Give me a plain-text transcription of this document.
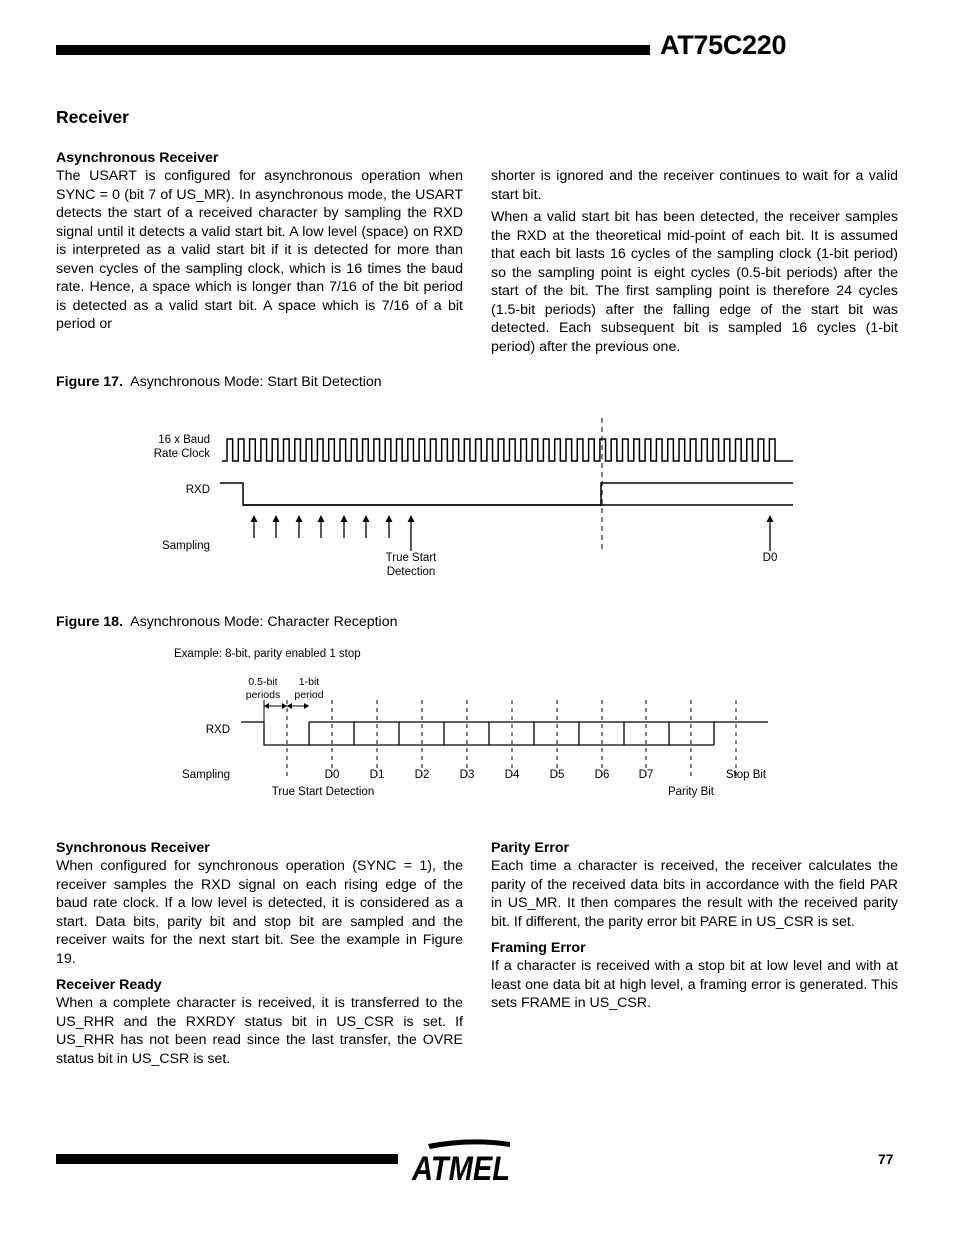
AT75C220
Receiver
Asynchronous Receiver

The USART is configured for asynchronous operation when SYNC = 0 (bit 7 of US_MR). In asynchronous mode, the USART detects the start of a received character by sampling the RXD signal until it detects a valid start bit. A low level (space) on RXD is interpreted as a valid start bit if it is detected for more than seven cycles of the sampling clock, which is 16 times the baud rate. Hence, a space which is longer than 7/16 of the bit period is detected as a valid start bit. A space which is 7/16 of a bit period or

shorter is ignored and the receiver continues to wait for a valid start bit.

When a valid start bit has been detected, the receiver samples the RXD at the theoretical mid-point of each bit. It is assumed that each bit lasts 16 cycles of the sampling clock (1-bit period) so the sampling point is eight cycles (0.5-bit periods) after the start of the bit. The first sampling point is therefore 24 cycles (1.5-bit periods) after the falling edge of the start bit was detected. Each subsequent bit is sampled 16 cycles (1-bit period) after the previous one.

Figure 17. Asynchronous Mode: Start Bit Detection
16 x Baud
Rate Clock
RXD
Sampling
True Start
Detection
D0
Figure 18. Asynchronous Mode: Character Reception
Example: 8-bit, parity enabled 1 stop
0.5-bit
periods
1-bit
period
RXD
Sampling	D0	D1	D2	D3	D4	D5	D6	D7	Stop Bit
True Start Detection	Parity Bit
Synchronous Receiver

When configured for synchronous operation (SYNC = 1), the receiver samples the RXD signal on each rising edge of the baud rate clock. If a low level is detected, it is considered as a start. Data bits, parity bit and stop bit are sampled and the receiver waits for the next start bit. See the example in Figure 19.

Receiver Ready

When a complete character is received, it is transferred to the US_RHR and the RXRDY status bit in US_CSR is set. If US_RHR has not been read since the last transfer, the OVRE status bit in US_CSR is set.

Parity Error

Each time a character is received, the receiver calculates the parity of the received data bits in accordance with the field PAR in US_MR. It then compares the result with the received parity bit. If different, the parity error bit PARE in US_CSR is set.

Framing Error

If a character is received with a stop bit at low level and with at least one data bit at high level, a framing error is generated. This sets FRAME in US_CSR.

ATMEL	77
